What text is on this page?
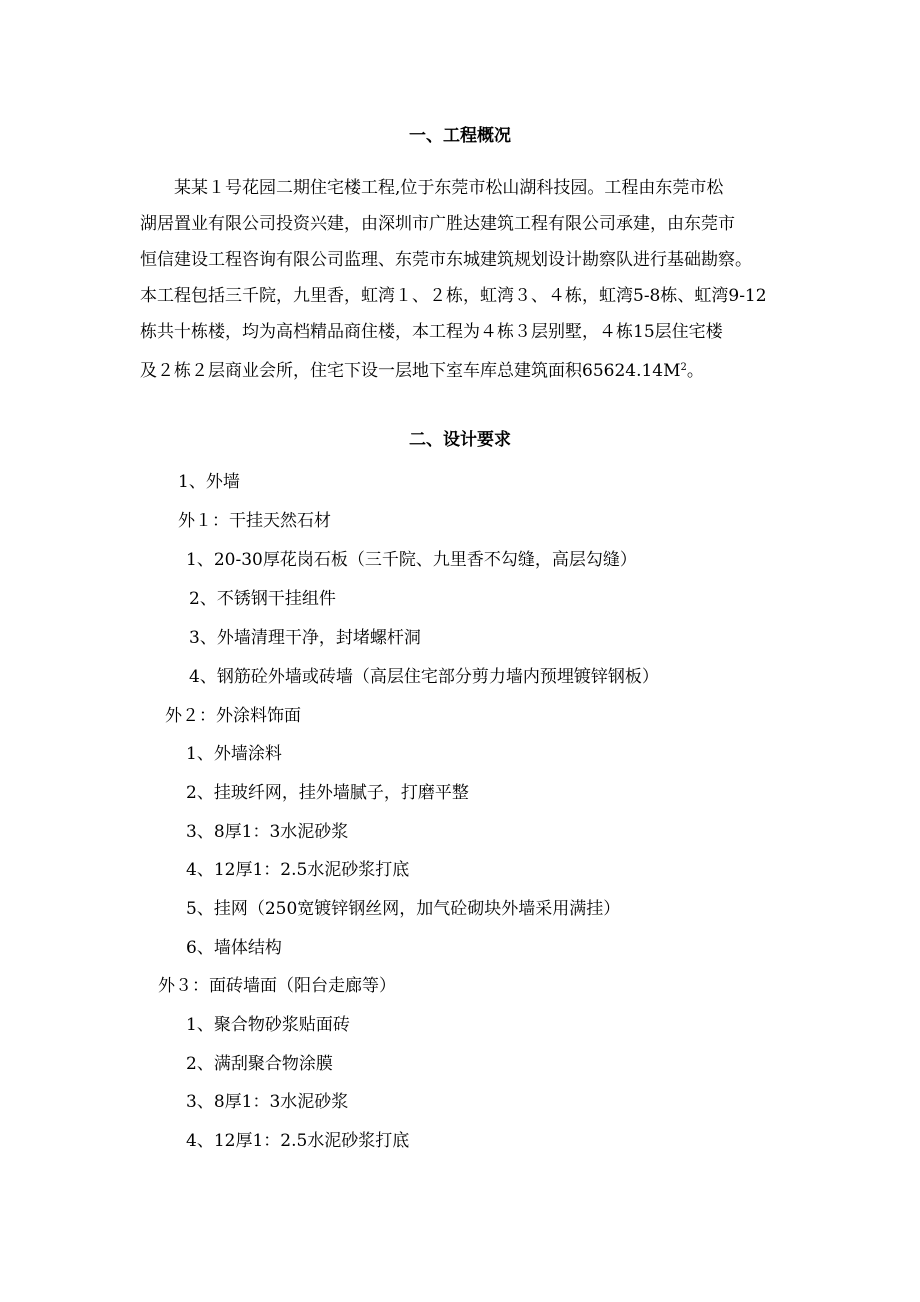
一、工程概况
　　某某１号花园二期住宅楼工程,位于东莞市松山湖科技园。工程由东莞市松
湖居置业有限公司投资兴建，由深圳市广胜达建筑工程有限公司承建，由东莞市
恒信建设工程咨询有限公司监理、东莞市东城建筑规划设计勘察队进行基础勘察。
本工程包括三千院，九里香，虹湾１、２栋，虹湾３、４栋，虹湾5-8栋、虹湾9-12
栋共十栋楼，均为高档精品商住楼，本工程为４栋３层别墅，４栋15层住宅楼
及２栋２层商业会所，住宅下设一层地下室车库总建筑面积$65624.14M^2$。
二、设计要求
1、外墙
外１：干挂天然石材
1、20-30厚花岗石板（三千院、九里香不勾缝，高层勾缝）
2、不锈钢干挂组件
3、外墙清理干净，封堵螺杆洞
4、钢筋砼外墙或砖墙（高层住宅部分剪力墙内预埋镀锌钢板）
外２：外涂料饰面
1、外墙涂料
2、挂玻纤网，挂外墙腻子，打磨平整
3、8厚1：3水泥砂浆
4、12厚1：2.5水泥砂浆打底
5、挂网（250宽镀锌钢丝网，加气砼砌块外墙采用满挂）
6、墙体结构
外３：面砖墙面（阳台走廊等）
1、聚合物砂浆贴面砖
2、满刮聚合物涂膜
3、8厚1：3水泥砂浆
4、12厚1：2.5水泥砂浆打底
